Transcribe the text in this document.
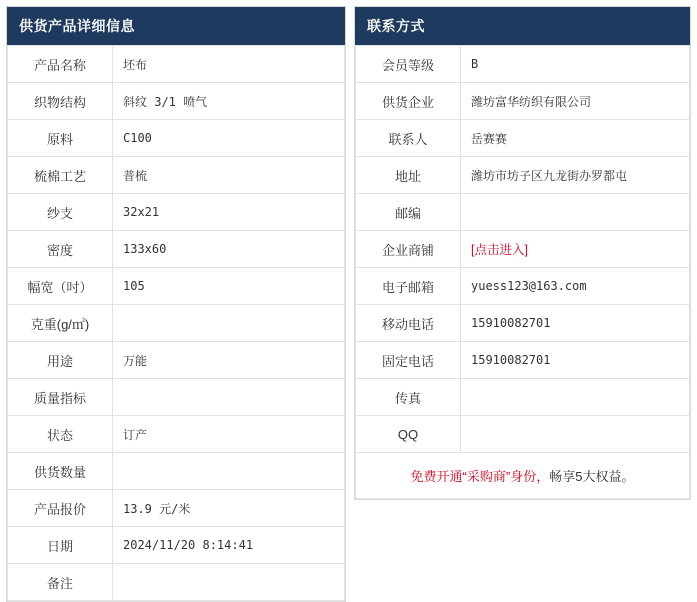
供货产品详细信息
产品名称	坯布
织物结构	斜纹 3/1 喷气
原料	C100
梳棉工艺	普梳
纱支	32x21
密度	133x60
幅宽（吋）	105
克重(g/㎡)	
用途	万能
质量指标	
状态	订产
供货数量	
产品报价	13.9 元/米
日期	2024/11/20 8:14:41
备注	
联系方式
会员等级	B
供货企业	潍坊富华纺织有限公司
联系人	岳赛赛
地址	潍坊市坊子区九龙街办罗都屯
邮编	
企业商铺	[点击进入]
电子邮箱	yuess123@163.com
移动电话	15910082701
固定电话	15910082701
传真	
QQ	
免费开通“采购商”身份，畅享5大权益。
